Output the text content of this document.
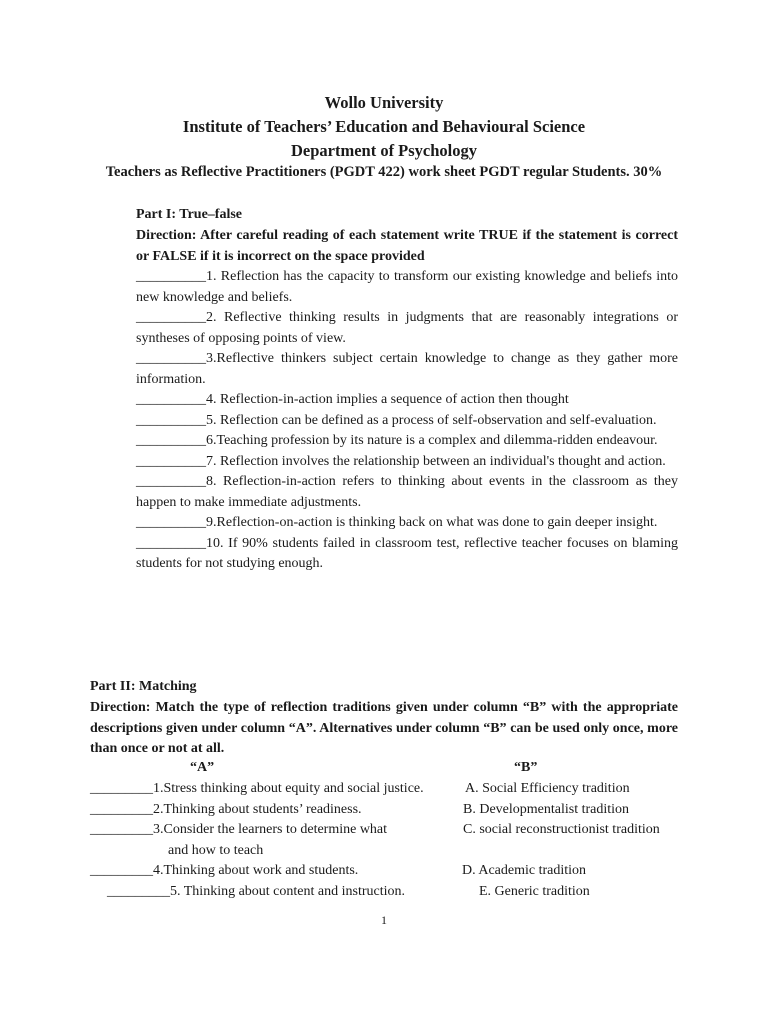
Wollo University
Institute of Teachers’ Education and Behavioural Science
Department of Psychology
Teachers as Reflective Practitioners (PGDT 422) work sheet PGDT regular Students. 30%
Part I: True–false
Direction: After careful reading of each statement write TRUE if the statement is correct or FALSE if it is incorrect on the space provided

__________1. Reflection has the capacity to transform our existing knowledge and beliefs into new knowledge and beliefs.

__________2. Reflective thinking results in judgments that are reasonably integrations or syntheses of opposing points of view.

__________3.Reflective thinkers subject certain knowledge to change as they gather more information.

__________4. Reflection-in-action implies a sequence of action then thought

__________5. Reflection can be defined as a process of self-observation and self-evaluation.

__________6.Teaching profession by its nature is a complex and dilemma-ridden endeavour.

__________7. Reflection involves the relationship between an individual's thought and action.

__________8. Reflection-in-action refers to thinking about events in the classroom as they happen to make immediate adjustments.

__________9.Reflection-on-action is thinking back on what was done to gain deeper insight.

__________10. If 90% students failed in classroom test, reflective teacher focuses on blaming students for not studying enough.

Part II: Matching
Direction: Match the type of reflection traditions given under column “B” with the appropriate descriptions given under column “A”. Alternatives under column “B” can be used only once, more than once or not at all.
“A”	“B”
_________1.Stress thinking about equity and social justice.
_________2.Thinking about students’ readiness.
_________3.Consider the learners to determine what
and how to teach
_________4.Thinking about work and students.
_________5. Thinking about content and instruction.
A. Social Efficiency tradition
B. Developmentalist tradition
C. social reconstructionist tradition
D. Academic tradition
E. Generic tradition
1
